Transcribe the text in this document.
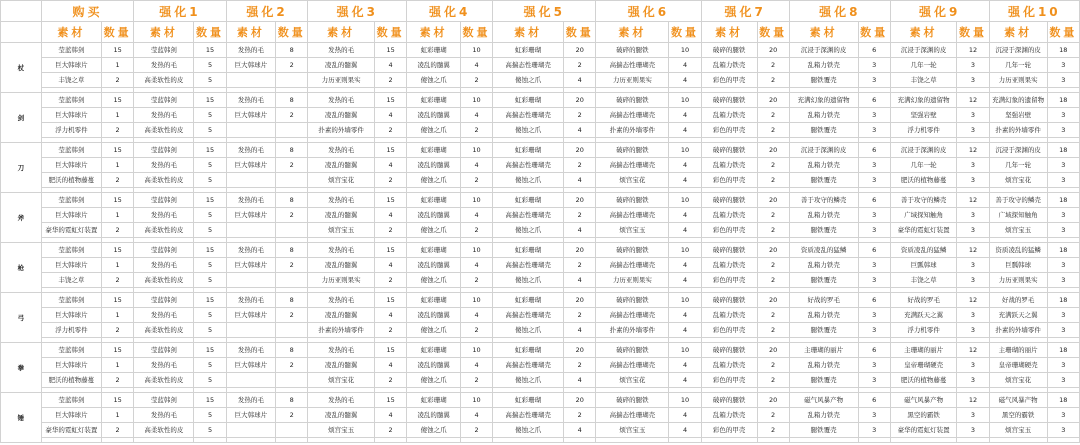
	购买		强化1		强化2		强化3		强化4		强化5		强化6		强化7		强化8		强化9		强化10	
	素材	数量	素材	数量	素材	数量	素材	数量	素材	数量	素材	数量	素材	数量	素材	数量	素材	数量	素材	数量	素材	数量
杖	莹蓝韩剑	15	莹蓝韩剑	15	发热的毛	8	发热的毛	15	虹彩珊瑚	10	虹彩珊瑚	20	破碎的腿铁	10	破碎的腿铁	20	沉浸于深渊的皮	6	沉浸于深渊的皮	12	沉浸于深渊的皮	18
	巨大韩球片	1	发热的毛	5	巨大韩球片	2	凌乱的髓翼	4	凌乱的髓翼	4	高揣态性珊瑚壳	2	高揣态性珊瑚壳	4	乱箱力铁壳	2	乱箱力铁壳	3	几年一轮	3	几年一轮	3
	丰饶之草	2	高柔软性的皮	5			力历亚则果实	2	傻蚀之爪	2	傻蚀之爪	4	力历亚则果实	4	彩色的甲壳	2	腿铁覆壳	3	丰饶之草	3	力历亚则果实	3

剑	莹蓝韩剑	15	莹蓝韩剑	15	发热的毛	8	发热的毛	15	虹彩珊瑚	10	虹彩珊瑚	20	破碎的腿铁	10	破碎的腿铁	20	充满幻象的遗留物	6	充满幻象的遗留物	12	充满幻象的遗留物	18
	巨大韩球片	1	发热的毛	5	巨大韩球片	2	凌乱的髓翼	4	凌乱的髓翼	4	高揣态性珊瑚壳	2	高揣态性珊瑚壳	4	乱箱力铁壳	2	乱箱力铁壳	3	坚强岩壁	3	坚强岩壁	3
	浮力机零件	2	高柔软性的皮	5			扑素的外墙零件	2	傻蚀之爪	2	傻蚀之爪	4	扑素的外墙零件	4	彩色的甲壳	2	腿铁覆壳	3	浮力机零件	3	扑素的外墙零件	3

刀	莹蓝韩剑	15	莹蓝韩剑	15	发热的毛	8	发热的毛	15	虹彩珊瑚	10	虹彩珊瑚	20	破碎的腿铁	10	破碎的腿铁	20	沉浸于深渊的皮	6	沉浸于深渊的皮	12	沉浸于深渊的皮	18
	巨大韩球片	1	发热的毛	5	巨大韩球片	2	凌乱的髓翼	4	凌乱的髓翼	4	高揣态性珊瑚壳	2	高揣态性珊瑚壳	4	乱箱力铁壳	2	乱箱力铁壳	3	几年一轮	3	几年一轮	3
	肥沃的植物藤蔓	2	高柔软性的皮	5			烦宫宝花	2	傻蚀之爪	2	傻蚀之爪	4	烦宫宝花	4	彩色的甲壳	2	腿铁覆壳	3	肥沃的植物藤蔓	3	烦宫宝花	3

斧	莹蓝韩剑	15	莹蓝韩剑	15	发热的毛	8	发热的毛	15	虹彩珊瑚	10	虹彩珊瑚	20	破碎的腿铁	10	破碎的腿铁	20	善于攻守的鳞壳	6	善于攻守的鳞壳	12	善于攻守的鳞壳	18
	巨大韩球片	1	发热的毛	5	巨大韩球片	2	凌乱的髓翼	4	凌乱的髓翼	4	高揣态性珊瑚壳	2	高揣态性珊瑚壳	4	乱箱力铁壳	2	乱箱力铁壳	3	广域探知触角	3	广域探知触角	3
	豪华的霓虹灯装置	2	高柔软性的皮	5			烦宫宝玉	2	傻蚀之爪	2	傻蚀之爪	4	烦宫宝玉	4	彩色的甲壳	2	腿铁覆壳	3	豪华的霓虹灯装置	3	烦宫宝玉	3

枪	莹蓝韩剑	15	莹蓝韩剑	15	发热的毛	8	发热的毛	15	虹彩珊瑚	10	虹彩珊瑚	20	破碎的腿铁	10	破碎的腿铁	20	资质凌乱的猛鳞	6	资质凌乱的猛鳞	12	资质凌乱的猛鳞	18
	巨大韩球片	1	发热的毛	5	巨大韩球片	2	凌乱的髓翼	4	凌乱的髓翼	4	高揣态性珊瑚壳	2	高揣态性珊瑚壳	4	乱箱力铁壳	2	乱箱力铁壳	3	巨瓢韩球	3	巨瓢韩球	3
	丰饶之草	2	高柔软性的皮	5			力历亚则果实	2	傻蚀之爪	2	傻蚀之爪	4	力历亚则果实	4	彩色的甲壳	2	腿铁覆壳	3	丰饶之草	3	力历亚则果实	3

弓	莹蓝韩剑	15	莹蓝韩剑	15	发热的毛	8	发热的毛	15	虹彩珊瑚	10	虹彩珊瑚	20	破碎的腿铁	10	破碎的腿铁	20	好战的罗毛	6	好战的罗毛	12	好战的罗毛	18
	巨大韩球片	1	发热的毛	5	巨大韩球片	2	凌乱的髓翼	4	凌乱的髓翼	4	高揣态性珊瑚壳	2	高揣态性珊瑚壳	4	乱箱力铁壳	2	乱箱力铁壳	3	充满跃天之翼	3	充满跃天之翼	3
	浮力机零件	2	高柔软性的皮	5			扑素的外墙零件	2	傻蚀之爪	2	傻蚀之爪	4	扑素的外墙零件	4	彩色的甲壳	2	腿铁覆壳	3	浮力机零件	3	扑素的外墙零件	3

拳	莹蓝韩剑	15	莹蓝韩剑	15	发热的毛	8	发热的毛	15	虹彩珊瑚	10	虹彩珊瑚	20	破碎的腿铁	10	破碎的腿铁	20	主珊瑚的丽片	6	主珊瑚的丽片	12	主珊瑚的丽片	18
	巨大韩球片	1	发热的毛	5	巨大韩球片	2	凌乱的髓翼	4	凌乱的髓翼	4	高揣态性珊瑚壳	2	高揣态性珊瑚壳	4	乱箱力铁壳	2	乱箱力铁壳	3	皇帝珊瑚硬壳	3	皇帝珊瑚硬壳	3
	肥沃的植物藤蔓	2	高柔软性的皮	5			烦宫宝花	2	傻蚀之爪	2	傻蚀之爪	4	烦宫宝花	4	彩色的甲壳	2	腿铁覆壳	3	肥沃的植物藤蔓	3	烦宫宝花	3

锤	莹蓝韩剑	15	莹蓝韩剑	15	发热的毛	8	发热的毛	15	虹彩珊瑚	10	虹彩珊瑚	20	破碎的腿铁	10	破碎的腿铁	20	磁气风暴产物	6	磁气风暴产物	12	磁气风暴产物	18
	巨大韩球片	1	发热的毛	5	巨大韩球片	2	凌乱的髓翼	4	凌乱的髓翼	4	高揣态性珊瑚壳	2	高揣态性珊瑚壳	4	乱箱力铁壳	2	乱箱力铁壳	3	黑空的霸铁	3	黑空的霸铁	3
	豪华的霓虹灯装置	2	高柔软性的皮	5			烦宫宝玉	2	傻蚀之爪	2	傻蚀之爪	4	烦宫宝玉	4	彩色的甲壳	2	腿铁覆壳	3	豪华的霓虹灯装置	3	烦宫宝玉	3
